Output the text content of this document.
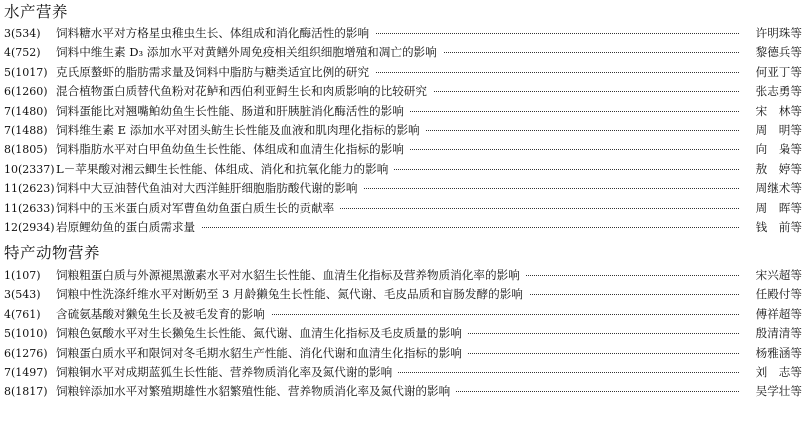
水产营养
3(534) 饲料糖水平对方格星虫稚虫生长、体组成和消化酶活性的影响	许明珠等
4(752) 饲料中维生素 D₃ 添加水平对黄鳝外周免疫相关组织细胞增殖和凋亡的影响	黎德兵等
5(1017) 克氏原螯虾的脂肪需求量及饲料中脂肪与糖类适宜比例的研究	何亚丁等
6(1260) 混合植物蛋白质替代鱼粉对花鲈和西伯利亚鲟生长和肉质影响的比较研究	张志勇等
7(1480) 饲料蛋能比对翘嘴鲌幼鱼生长性能、肠道和肝胰脏消化酶活性的影响	宋　林等
7(1488) 饲料维生素 E 添加水平对团头鲂生长性能及血液和肌肉理化指标的影响	周　明等
8(1805) 饲料脂肪水平对白甲鱼幼鱼生长性能、体组成和血清生化指标的影响	向　枭等
10(2337) L－苹果酸对湘云鲫生长性能、体组成、消化和抗氧化能力的影响	敖　婷等
11(2623) 饲料中大豆油替代鱼油对大西洋鲑肝细胞脂肪酸代谢的影响	周继术等
11(2633) 饲料中的玉米蛋白质对军曹鱼幼鱼蛋白质生长的贡献率	周　晖等
12(2934) 岩原鲤幼鱼的蛋白质需求量	钱　前等
特产动物营养
1(107) 饲粮粗蛋白质与外源褪黑激素水平对水貂生长性能、血清生化指标及营养物质消化率的影响	宋兴超等
3(543) 饲粮中性洗涤纤维水平对断奶至 3 月龄獭兔生长性能、氮代谢、毛皮品质和盲肠发酵的影响	任殿付等
4(761) 含硫氨基酸对獭兔生长及被毛发育的影响	傅祥超等
5(1010) 饲粮色氨酸水平对生长獭兔生长性能、氮代谢、血清生化指标及毛皮质量的影响	殷清清等
6(1276) 饲粮蛋白质水平和限饲对冬毛期水貂生产性能、消化代谢和血清生化指标的影响	杨雅涵等
7(1497) 饲粮铜水平对成期蓝狐生长性能、营养物质消化率及氮代谢的影响	刘　志等
8(1817) 饲粮锌添加水平对繁殖期雄性水貂繁殖性能、营养物质消化率及氮代谢的影响	吴学壮等
